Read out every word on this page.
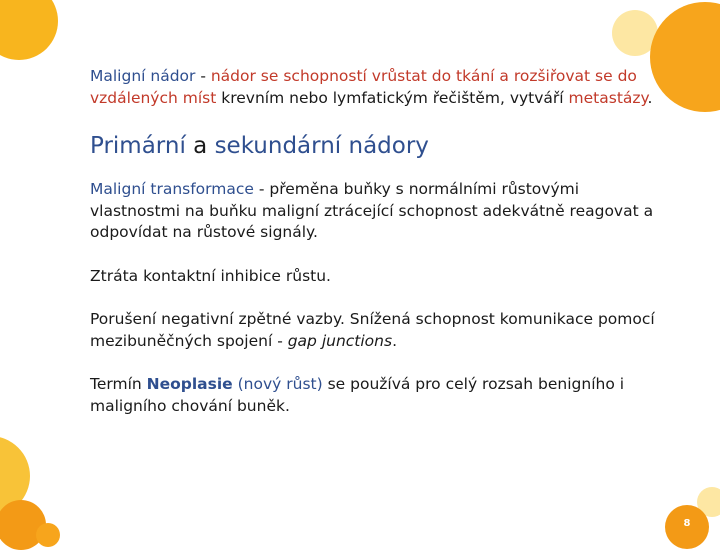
8

Maligní nádor - nádor se schopností vrůstat do tkání a rozšiřovat se do vzdálených míst krevním nebo lymfatickým řečištěm, vytváří metastázy.

Primární a sekundární nádory

Maligní transformace - přeměna buňky s normálními růstovými vlastnostmi na buňku maligní ztrácející schopnost adekvátně reagovat a odpovídat na růstové signály.

Ztráta kontaktní inhibice růstu.

Porušení negativní zpětné vazby. Snížená schopnost komunikace pomocí mezibuněčných spojení - gap junctions.

Termín Neoplasie (nový růst) se používá pro celý rozsah benigního i maligního chování buněk.
